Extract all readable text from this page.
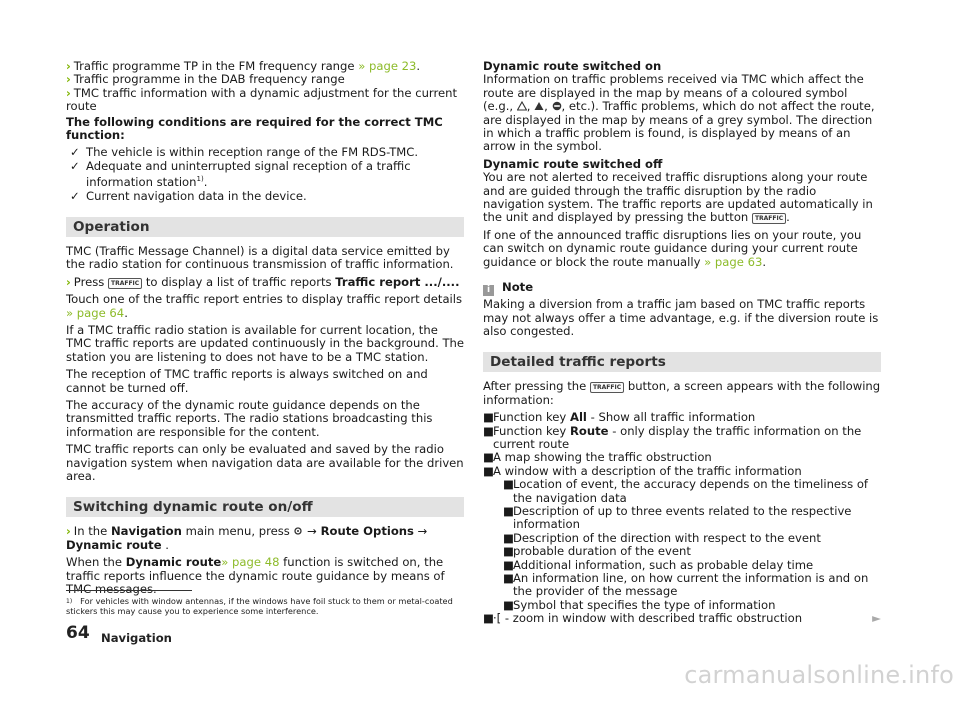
› Traffic programme TP in the FM frequency range » page 23.

› Traffic programme in the DAB frequency range

› TMC traffic information with a dynamic adjustment for the current route

The following conditions are required for the correct TMC function:

✓ The vehicle is within reception range of the FM RDS-TMC.
✓ Adequate and uninterrupted signal reception of a traffic information station$^{1)}$.
✓ Current navigation data in the device.
Operation

TMC (Traffic Message Channel) is a digital data service emitted by the radio station for continuous transmission of traffic information.

› Press TRAFFIC to display a list of traffic reports Traffic report .../....

Touch one of the traffic report entries to display traffic report details » page 64.

If a TMC traffic radio station is available for current location, the TMC traffic reports are updated continuously in the background. The station you are listening to does not have to be a TMC station.

The reception of TMC traffic reports is always switched on and cannot be turned off.

The accuracy of the dynamic route guidance depends on the transmitted traffic reports. The radio stations broadcasting this information are responsible for the content.

TMC traffic reports can only be evaluated and saved by the radio navigation system when navigation data are available for the driven area.

Switching dynamic route on/off

› In the Navigation main menu, press → Route Options → Dynamic route .

When the Dynamic route» page 48 function is switched on, the traffic reports influence the dynamic route guidance by means of TMC messages.

Dynamic route switched on

Information on traffic problems received via TMC which affect the route are displayed in the map by means of a coloured symbol (e.g., , , , etc.). Traffic problems, which do not affect the route, are displayed in the map by means of a grey symbol. The direction in which a traffic problem is found, is displayed by means of an arrow in the symbol.

Dynamic route switched off

You are not alerted to received traffic disruptions along your route and are guided through the traffic disruption by the radio navigation system. The traffic reports are updated automatically in the unit and displayed by pressing the button TRAFFIC .

If one of the announced traffic disruptions lies on your route, you can switch on dynamic route guidance during your current route guidance or block the route manually » page 63.

i Note

Making a diversion from a traffic jam based on TMC traffic reports may not always offer a time advantage, e.g. if the diversion route is also congested.

Detailed traffic reports

After pressing the TRAFFIC button, a screen appears with the following information:

■ Function key All - Show all traffic information
■ Function key Route - only display the traffic information on the current route
■ A map showing the traffic obstruction
■ A window with a description of the traffic information
■ Location of event, the accuracy depends on the timeliness of the navigation data
■ Description of up to three events related to the respective information
■ Description of the direction with respect to the event
■ probable duration of the event
■ Additional information, such as probable delay time
■ An information line, on how current the information is and on the provider of the message
■ Symbol that specifies the type of information
■ ·[ - zoom in window with described traffic obstruction	►
$^{1)}$ For vehicles with window antennas, if the windows have foil stuck to them or metal-coated stickers this may cause you to experience some interference.
64 Navigation
carmanualsonline.info
